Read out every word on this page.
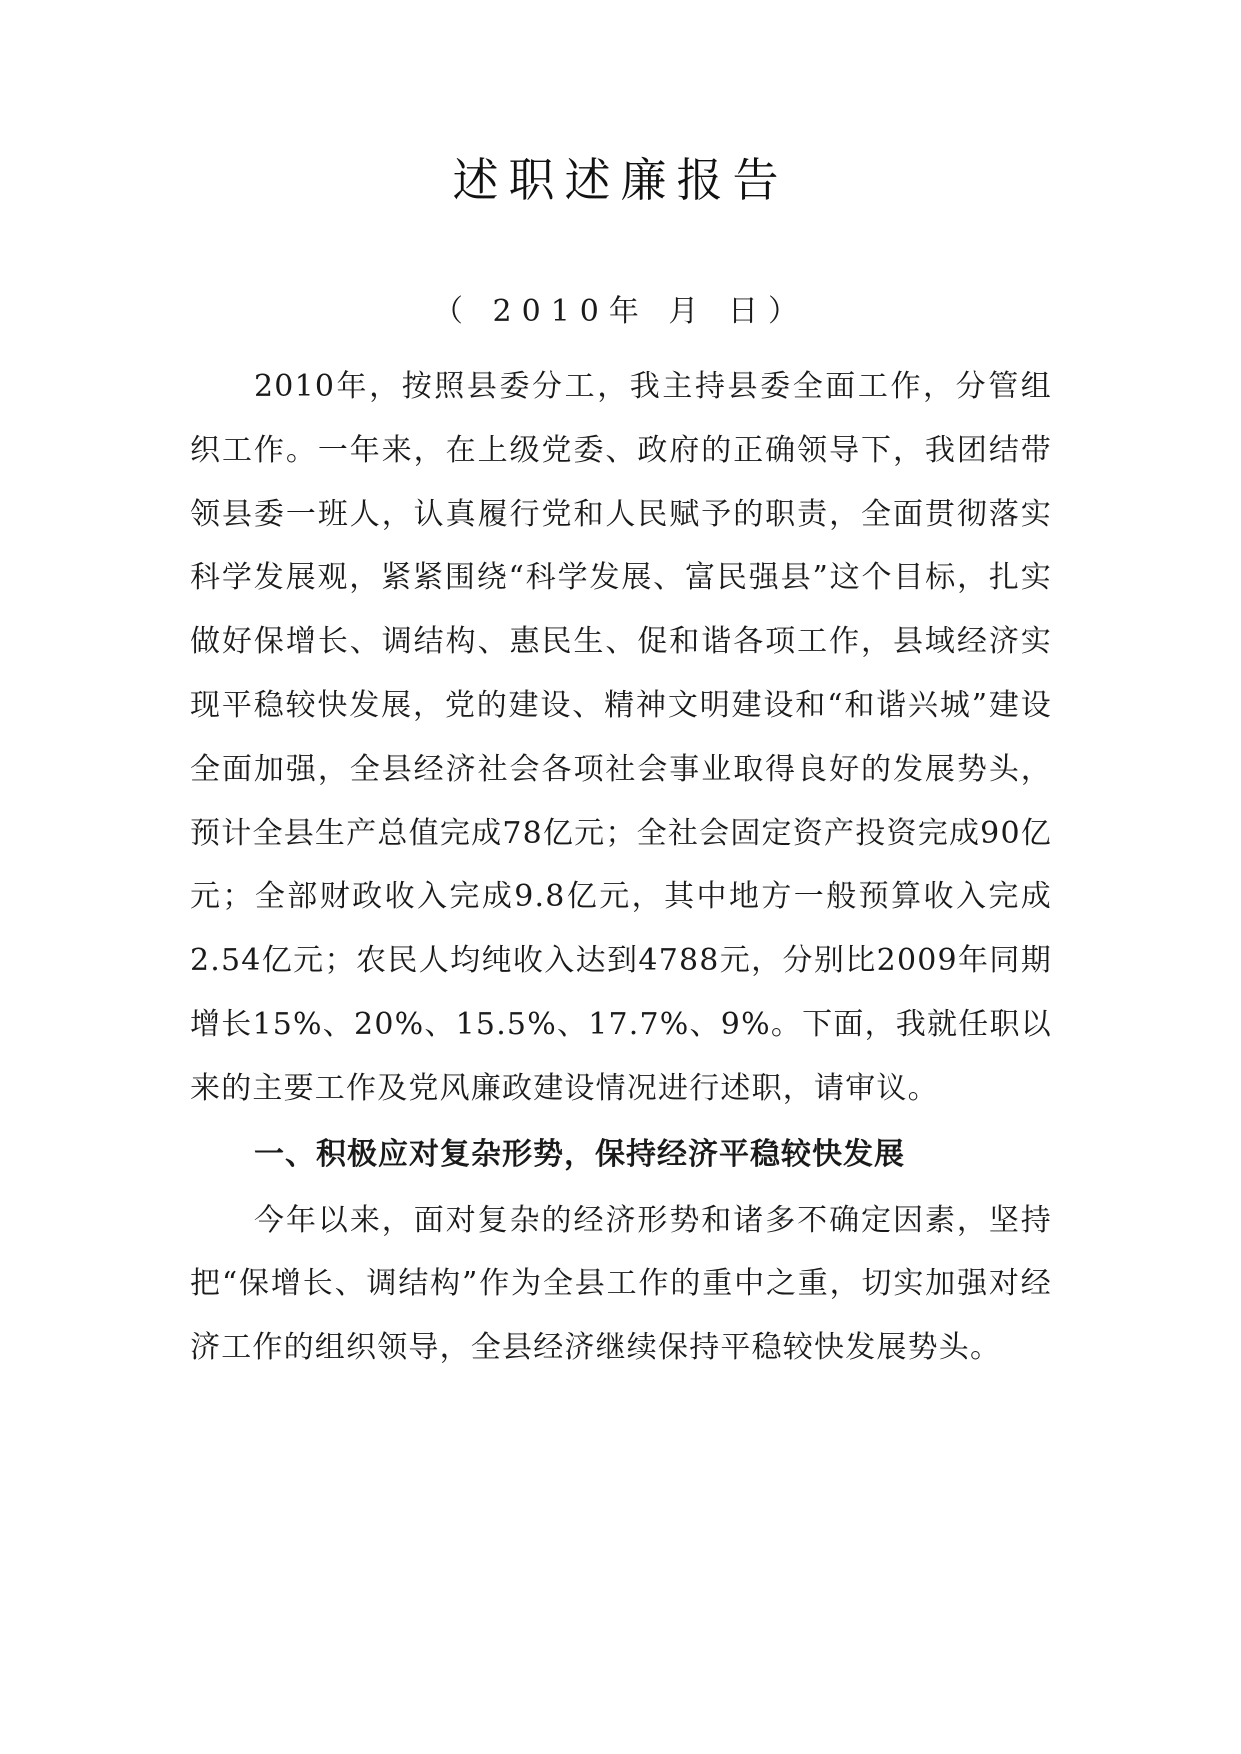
述职述廉报告
（ 2010年 月 日）

2010年，按照县委分工，我主持县委全面工作，分管组织工作。一年来，在上级党委、政府的正确领导下，我团结带领县委一班人，认真履行党和人民赋予的职责，全面贯彻落实科学发展观，紧紧围绕“科学发展、富民强县”这个目标，扎实做好保增长、调结构、惠民生、促和谐各项工作，县域经济实现平稳较快发展，党的建设、精神文明建设和“和谐兴城”建设全面加强，全县经济社会各项社会事业取得良好的发展势头，预计全县生产总值完成78亿元；全社会固定资产投资完成90亿元；全部财政收入完成9.8亿元，其中地方一般预算收入完成2.54亿元；农民人均纯收入达到4788元，分别比2009年同期增长15%、20%、15.5%、17.7%、9%。下面，我就任职以来的主要工作及党风廉政建设情况进行述职，请审议。

一、积极应对复杂形势，保持经济平稳较快发展

今年以来，面对复杂的经济形势和诸多不确定因素，坚持把“保增长、调结构”作为全县工作的重中之重，切实加强对经济工作的组织领导，全县经济继续保持平稳较快发展势头。
